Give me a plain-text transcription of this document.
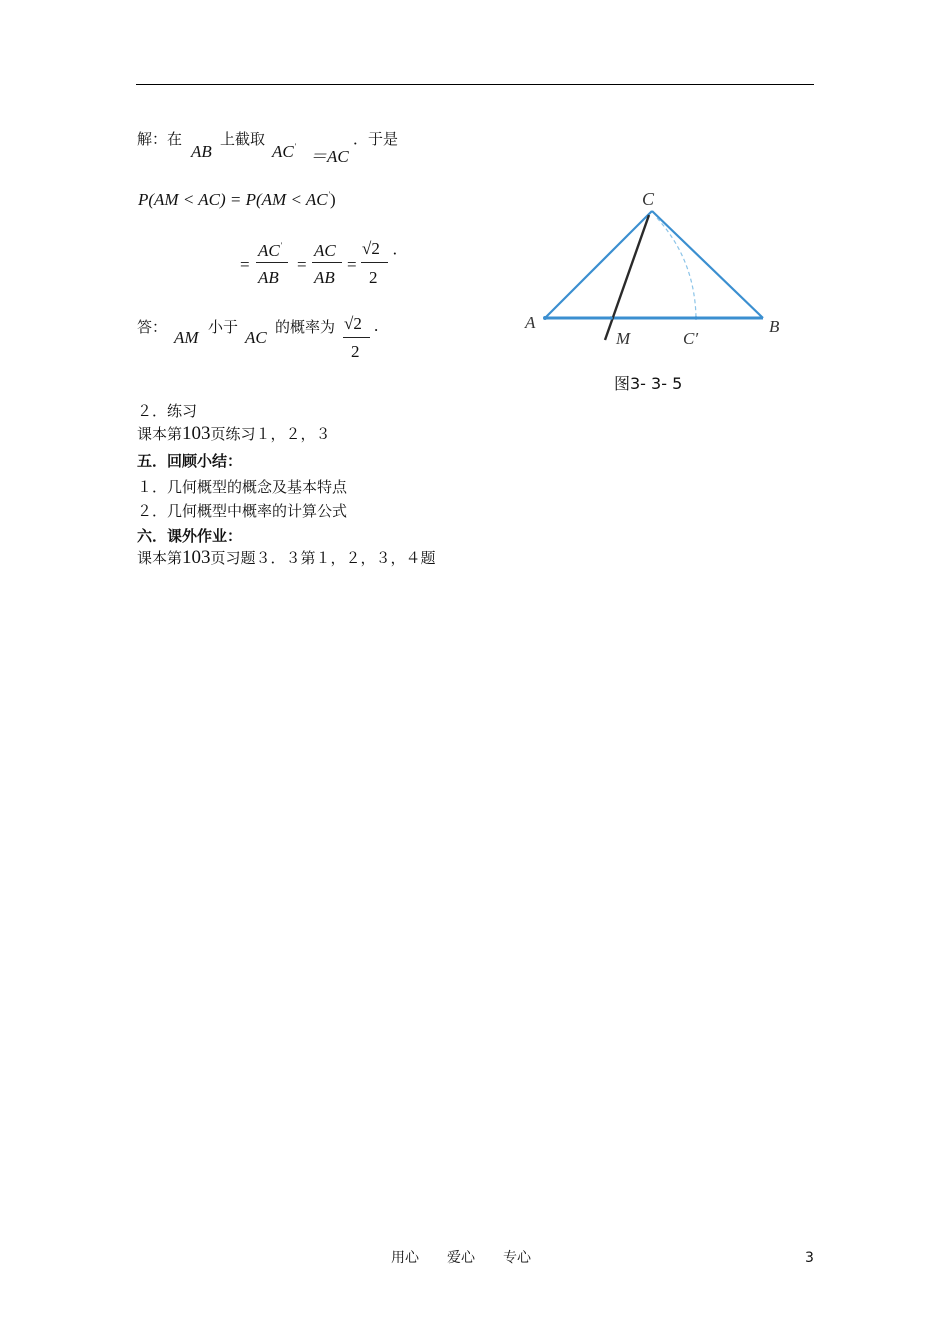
解：在
AB
上截取
AC'
＝AC
．于是
P(AM < AC) = P(AM < AC')
=
AC'
AB
=
AC
AB
=
√2
2
·
答：
AM
小于
AC
的概率为 √2
2
.
C
A	B
M	C′
图3- 3- 5
２．练习
课本第103页练习１，２，３
五．回顾小结：
１．几何概型的概念及基本特点
２．几何概型中概率的计算公式
六．课外作业：
课本第103页习题３．３第１，２，３，４题
用心　　爱心　　专心	3
